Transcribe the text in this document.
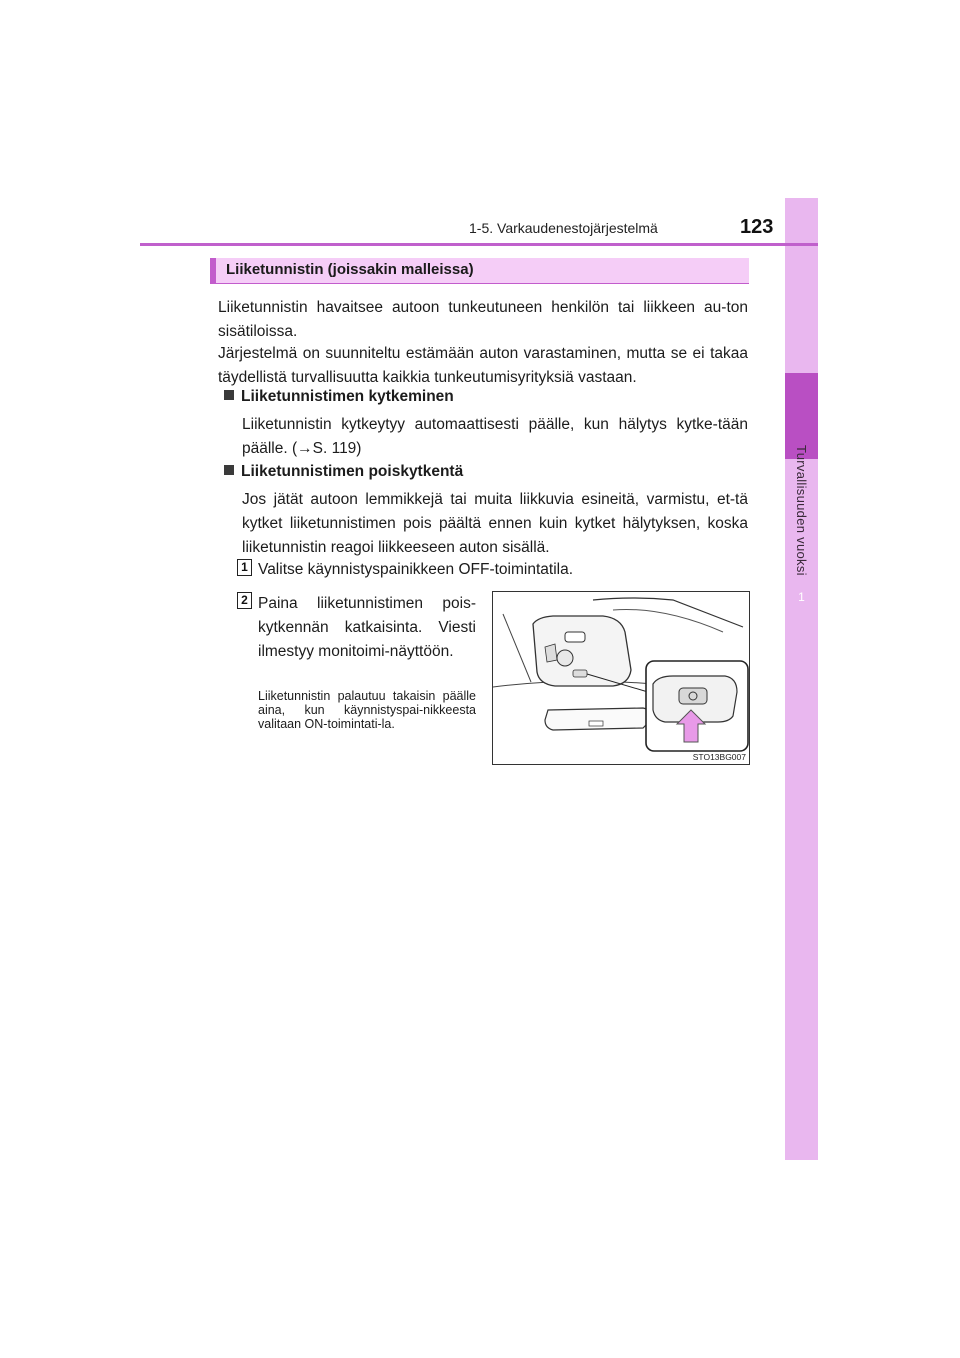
1
Turvallisuuden vuoksi
1-5. Varkaudenestojärjestelmä	123
Liiketunnistin (joissakin malleissa)
Liiketunnistin havaitsee autoon tunkeutuneen henkilön tai liikkeen au-ton sisätiloissa.
Järjestelmä on suunniteltu estämään auton varastaminen, mutta se ei takaa täydellistä turvallisuutta kaikkia tunkeutumisyrityksiä vastaan.
Liiketunnistimen kytkeminen
Liiketunnistin kytkeytyy automaattisesti päälle, kun hälytys kytke-tään päälle. (→S. 119)
Liiketunnistimen poiskytkentä
Jos jätät autoon lemmikkejä tai muita liikkuvia esineitä, varmistu, et-tä kytket liiketunnistimen pois päältä ennen kuin kytket hälytyksen, koska liiketunnistin reagoi liikkeeseen auton sisällä.
1 Valitse käynnistyspainikkeen OFF-toimintatila.
2 Paina liiketunnistimen pois-kytkennän katkaisinta. Viesti ilmestyy monitoimi-näyttöön.
Liiketunnistin palautuu takaisin päälle aina, kun käynnistyspai-nikkeesta valitaan ON-toimintati-la.
STO13BG007
